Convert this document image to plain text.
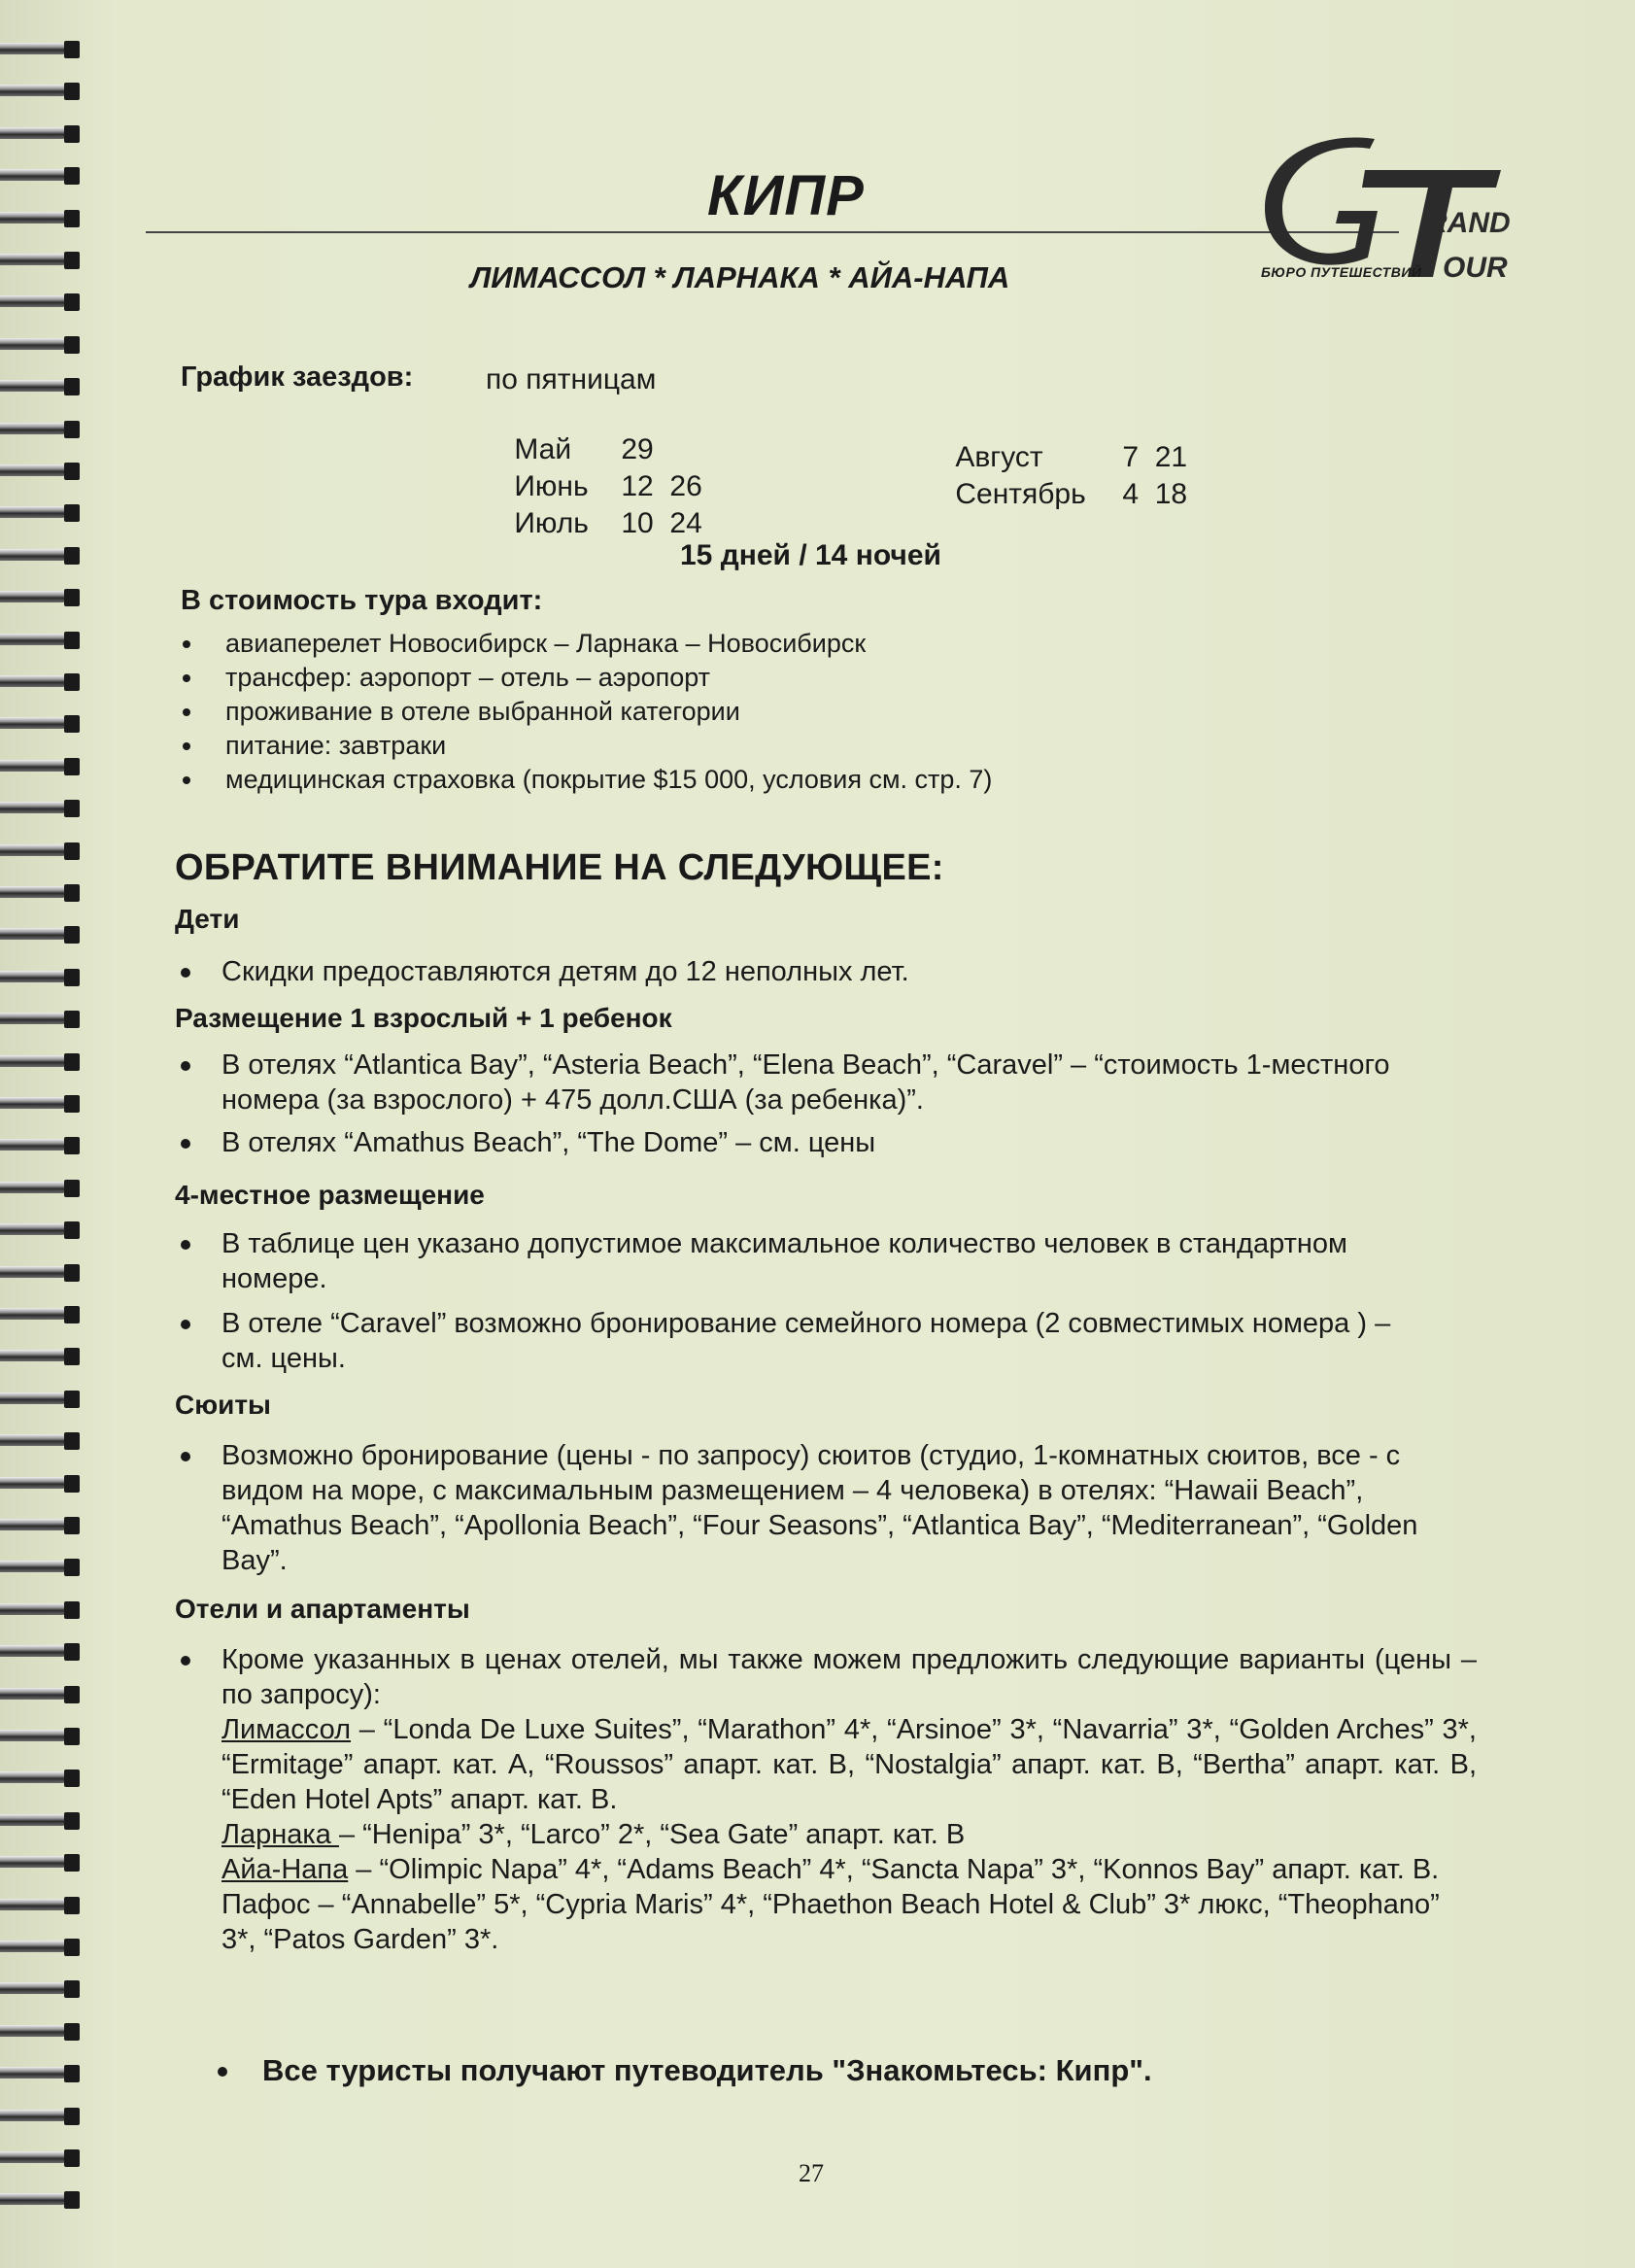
КИПР
ЛИМАССОЛ * ЛАРНАКА * АЙА-НАПА
RAND
OUR
БЮРО ПУТЕШЕСТВИЙ
График заездов: по пятницам

Май 29

Июнь 12  26

Июль 10  24

Август	7  21

Сентябрь 4  18

15 дней / 14 ночей
В стоимость тура входит:
авиаперелет Новосибирск – Ларнака – Новосибирск
трансфер: аэропорт – отель – аэропорт
проживание в отеле выбранной категории
питание: завтраки
медицинская страховка (покрытие $15 000, условия см. стр. 7)
ОБРАТИТЕ ВНИМАНИЕ НА СЛЕДУЮЩЕЕ:
Дети
Скидки предоставляются детям до 12 неполных лет.
Размещение 1 взрослый + 1 ребенок
В отелях “Atlantica Bay”, “Asteria Beach”, “Elena Beach”, “Caravel” – “стоимость 1-местного номера (за взрослого) + 475 долл.США (за ребенка)”.
В отелях “Amathus Beach”, “The Dome” – см. цены
4-местное размещение
В таблице цен указано допустимое максимальное количество человек в стандартном номере.
В отеле “Caravel” возможно бронирование семейного номера (2 совместимых номера ) – см. цены.
Сюиты
Возможно бронирование (цены - по запросу) сюитов (студио, 1-комнатных сюитов, все - с видом на море, с максимальным размещением – 4 человека) в отелях: “Hawaii Beach”, “Amathus Beach”, “Apollonia Beach”, “Four Seasons”, “Atlantica Bay”, “Mediterranean”, “Golden Bay”.
Отели и апартаменты

Кроме указанных в ценах отелей, мы также можем предложить следующие варианты (цены – по запросу):

Лимассол – “Londa De Luxe Suites”, “Marathon” 4*, “Arsinoe” 3*, “Navarria” 3*, “Golden Arches” 3*, “Ermitage” апарт. кат. A, “Roussos” апарт. кат. B, “Nostalgia” апарт. кат. B, “Bertha” апарт. кат. B, “Eden Hotel Apts” апарт. кат. B.

Ларнака – “Henipa” 3*, “Larco” 2*, “Sea Gate” апарт. кат. B

Айа-Напа – “Olimpic Napa” 4*, “Adams Beach” 4*, “Sancta Napa” 3*, “Konnos Bay” апарт. кат. B.

Пафос – “Annabelle” 5*, “Cypria Maris” 4*, “Phaethon Beach Hotel & Club” 3* люкс, “Theophano” 3*, “Patos Garden” 3*.

Все туристы получают путеводитель "Знакомьтесь: Кипр".
27
